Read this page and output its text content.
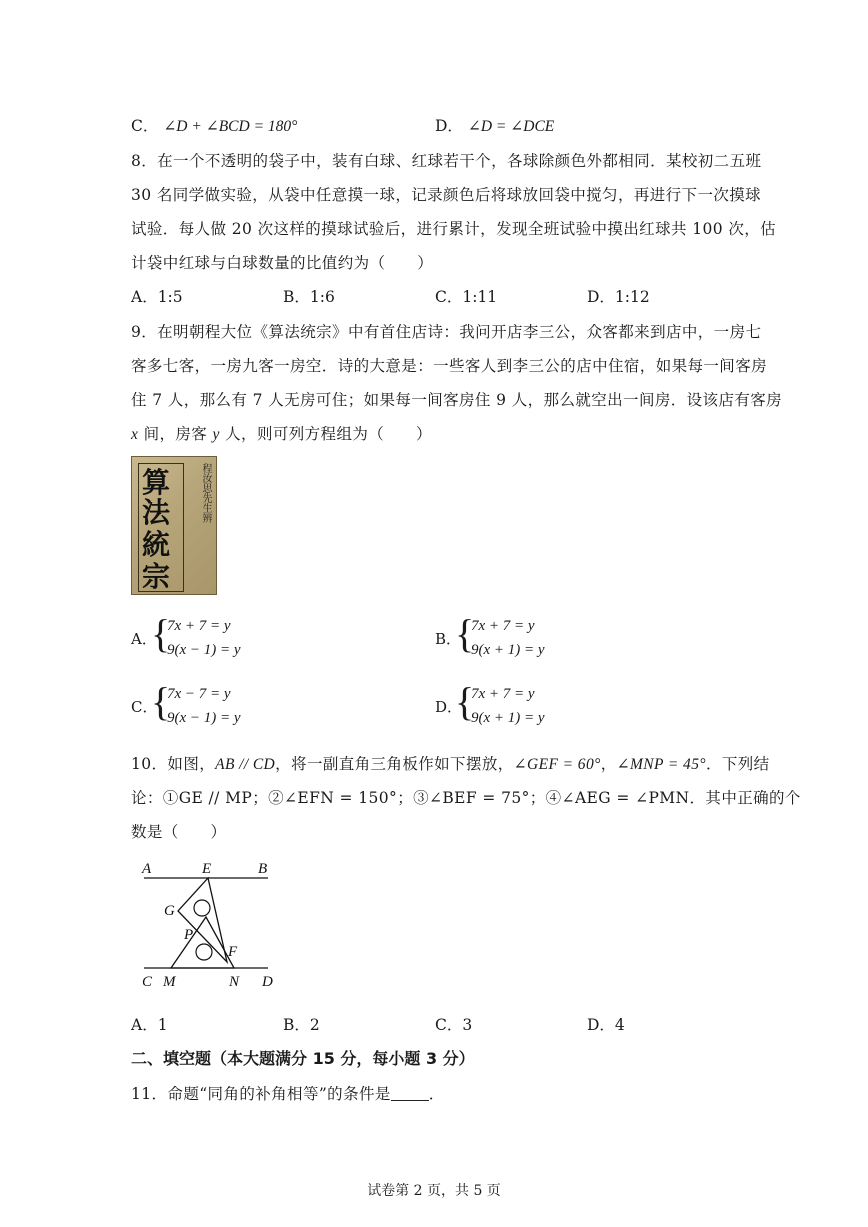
C． ∠D + ∠BCD = 180°	D． ∠D = ∠DCE
8．在一个不透明的袋子中，装有白球、红球若干个，各球除颜色外都相同．某校初二五班
30 名同学做实验，从袋中任意摸一球，记录颜色后将球放回袋中搅匀，再进行下一次摸球
试验．每人做 20 次这样的摸球试验后，进行累计，发现全班试验中摸出红球共 100 次，估
计袋中红球与白球数量的比值约为（　　）
A．1:5	B．1:6	C．1:11	D．1:12
9．在明朝程大位《算法统宗》中有首住店诗：我问开店李三公，众客都来到店中，一房七
客多七客，一房九客一房空．诗的大意是：一些客人到李三公的店中住宿，如果每一间客房
住 7 人，那么有 7 人无房可住；如果每一间客房住 9 人，那么就空出一间房．设该店有客房
x 间，房客 y 人，则可列方程组为（　　）
算
法
統
宗
程汝思先生辨
A．
{
7x + 7 = y
9(x − 1) = y
B．
{
7x + 7 = y
9(x + 1) = y
C．
{
7x − 7 = y
9(x − 1) = y
D．
{
7x + 7 = y
9(x + 1) = y
10．如图，AB // CD，将一副直角三角板作如下摆放，∠GEF = 60°，∠MNP = 45°．下列结
论：①GE // MP；②∠EFN = 150°；③∠BEF = 75°；④∠AEG = ∠PMN．其中正确的个
数是（　　）
A	E	B
G
P
F
C M	N D
A．1	B．2	C．3	D．4
二、填空题（本大题满分 15 分，每小题 3 分）
11．命题“同角的补角相等”的条件是 ．
试卷第 2 页，共 5 页
